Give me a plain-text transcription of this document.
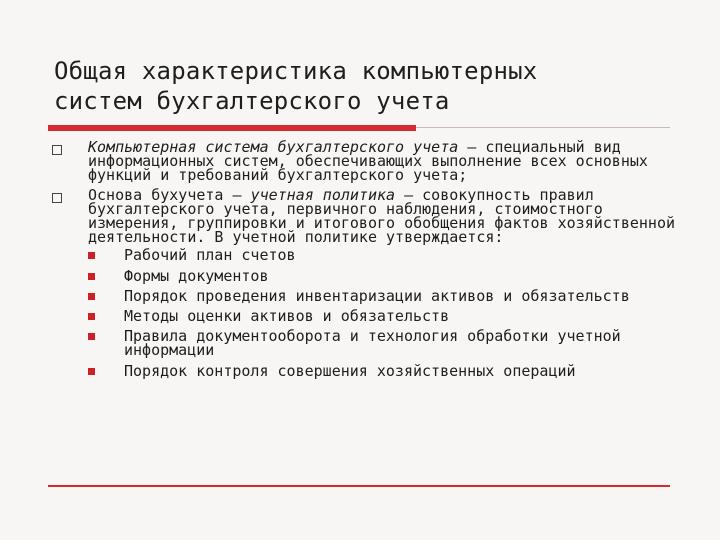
Общая характеристика компьютерных
систем бухгалтерского учета
Компьютерная система бухгалтерского учета – специальный вид информационных систем, обеспечивающих выполнение всех основных функций и требований бухгалтерского учета;
Основа бухучета – учетная политика – совокупность правил бухгалтерского учета, первичного наблюдения, стоимостного измерения, группировки и итогового обобщения фактов хозяйственной деятельности. В учетной политике утверждается:
Рабочий план счетов
Формы документов
Порядок проведения инвентаризации активов и обязательств
Методы оценки активов и обязательств
Правила документооборота и технология обработки учетной информации
Порядок контроля совершения хозяйственных операций
